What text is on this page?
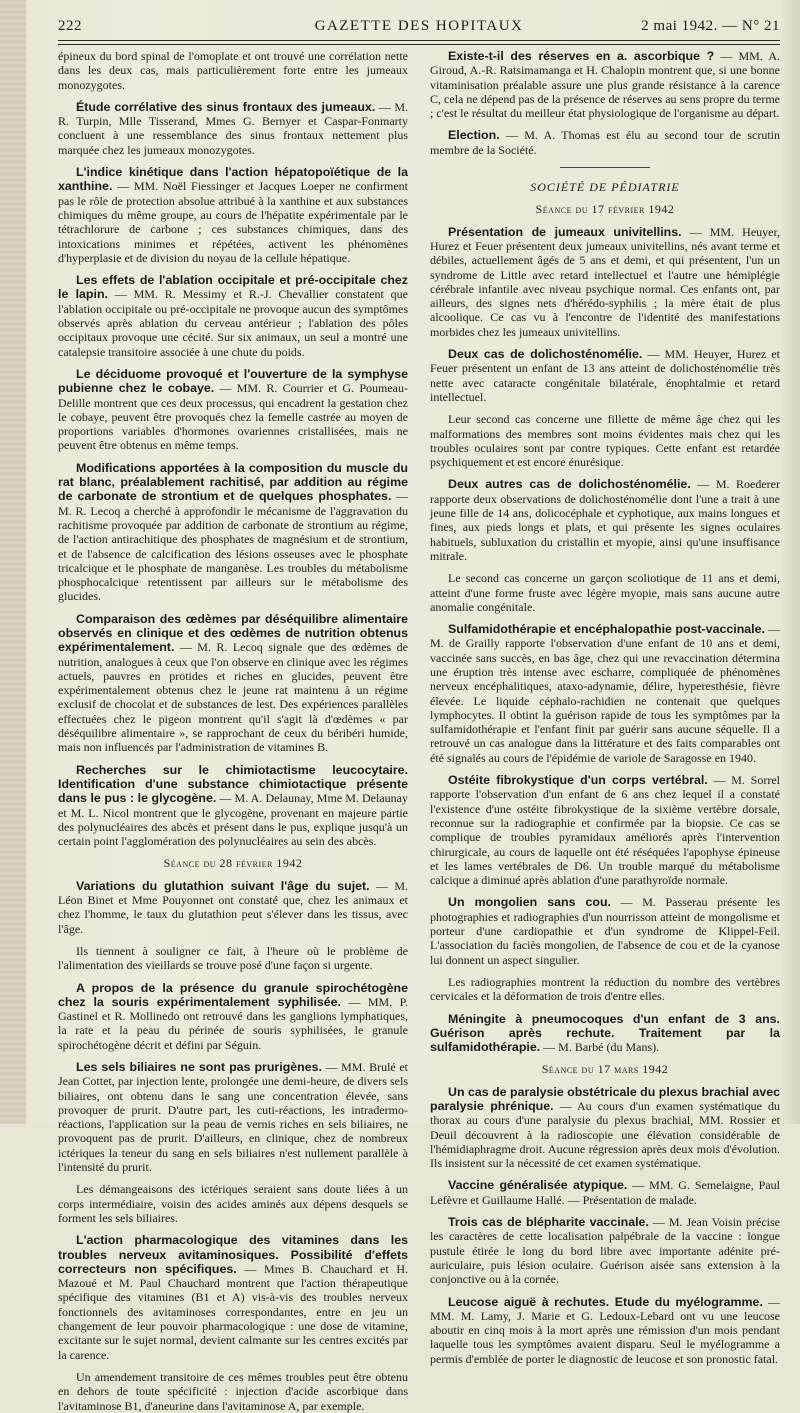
222	GAZETTE DES HOPITAUX	2 mai 1942. — N° 21

épineux du bord spinal de l'omoplate et ont trouvé une corrélation nette dans les deux cas, mais particulièrement forte entre les jumeaux monozygotes.

Étude corrélative des sinus frontaux des jumeaux. — M. R. Turpin, Mlle Tisserand, Mmes G. Bernyer et Caspar-Fonmarty concluent à une ressemblance des sinus frontaux nettement plus marquée chez les jumeaux monozygotes.

L'indice kinétique dans l'action hépatopoïétique de la xanthine. — MM. Noël Fiessinger et Jacques Loeper ne confirment pas le rôle de protection absolue attribué à la xanthine et aux substances chimiques du même groupe, au cours de l'hépatite expérimentale par le tétrachlorure de carbone ; ces substances chimiques, dans des intoxications minimes et répétées, activent les phénomènes d'hyperplasie et de division du noyau de la cellule hépatique.

Les effets de l'ablation occipitale et pré-occipitale chez le lapin. — MM. R. Messimy et R.-J. Chevallier constatent que l'ablation occipitale ou pré-occipitale ne provoque aucun des symptômes observés après ablation du cerveau antérieur ; l'ablation des pôles occipitaux provoque une cécité. Sur six animaux, un seul a montré une catalepsie transitoire associée à une chute du poids.

Le déciduome provoqué et l'ouverture de la symphyse pubienne chez le cobaye. — MM. R. Courrier et G. Poumeau-Delille montrent que ces deux processus, qui encadrent la gestation chez le cobaye, peuvent être provoqués chez la femelle castrée au moyen de proportions variables d'hormones ovariennes cristallisées, mais ne peuvent être obtenus en même temps.

Modifications apportées à la composition du muscle du rat blanc, préalablement rachitisé, par addition au régime de carbonate de strontium et de quelques phosphates. — M. R. Lecoq a cherché à approfondir le mécanisme de l'aggravation du rachitisme provoquée par addition de carbonate de strontium au régime, de l'action antirachitique des phosphates de magnésium et de strontium, et de l'absence de calcification des lésions osseuses avec le phosphate tricalcique et le phosphate de manganèse. Les troubles du métabolisme phosphocalcique retentissent par ailleurs sur le métabolisme des glucides.

Comparaison des œdèmes par déséquilibre alimentaire observés en clinique et des œdèmes de nutrition obtenus expérimentalement. — M. R. Lecoq signale que des œdèmes de nutrition, analogues à ceux que l'on observe en clinique avec les régimes actuels, pauvres en protides et riches en glucides, peuvent être expérimentalement obtenus chez le jeune rat maintenu à un régime exclusif de chocolat et de substances de lest. Des expériences parallèles effectuées chez le pigeon montrent qu'il s'agit là d'œdèmes « par déséquilibre alimentaire », se rapprochant de ceux du béribéri humide, mais non influencés par l'administration de vitamines B.

Recherches sur le chimiotactisme leucocytaire. Identification d'une substance chimiotactique présente dans le pus : le glycogène. — M. A. Delaunay, Mme M. Delaunay et M. L. Nicol montrent que le glycogène, provenant en majeure partie des polynucléaires des abcès et présent dans le pus, explique jusqu'à un certain point l'agglomération des polynucléaires au sein des abcès.

Séance du 28 février 1942

Variations du glutathion suivant l'âge du sujet. — M. Léon Binet et Mme Pouyonnet ont constaté que, chez les animaux et chez l'homme, le taux du glutathion peut s'élever dans les tissus, avec l'âge.

Ils tiennent à souligner ce fait, à l'heure où le problème de l'alimentation des vieillards se trouve posé d'une façon si urgente.

A propos de la présence du granule spirochétogène chez la souris expérimentalement syphilisée. — MM. P. Gastinel et R. Mollinedo ont retrouvé dans les ganglions lymphatiques, la rate et la peau du périnée de souris syphilisées, le granule spirochétogène décrit et défini par Séguin.

Les sels biliaires ne sont pas prurigènes. — MM. Brulé et Jean Cottet, par injection lente, prolongée une demi-heure, de divers sels biliaires, ont obtenu dans le sang une concentration élevée, sans provoquer de prurit. D'autre part, les cuti-réactions, les intradermo-réactions, l'application sur la peau de vernis riches en sels biliaires, ne provoquent pas de prurit. D'ailleurs, en clinique, chez de nombreux ictériques la teneur du sang en sels biliaires n'est nullement parallèle à l'intensité du prurit.

Les démangeaisons des ictériques seraient sans doute liées à un corps intermédiaire, voisin des acides aminés aux dépens desquels se forment les sels biliaires.

L'action pharmacologique des vitamines dans les troubles nerveux avitaminosiques. Possibilité d'effets correcteurs non spécifiques. — Mmes B. Chauchard et H. Mazoué et M. Paul Chauchard montrent que l'action thérapeutique spécifique des vitamines (B1 et A) vis-à-vis des troubles nerveux fonctionnels des avitaminoses correspondantes, entre en jeu un changement de leur pouvoir pharmacologique : une dose de vitamine, excitante sur le sujet normal, devient calmante sur les centres excités par la carence.

Un amendement transitoire de ces mêmes troubles peut être obtenu en dehors de toute spécificité : injection d'acide ascorbique dans l'avitaminose B1, d'aneurine dans l'avitaminose A, par exemple.

Existe-t-il des réserves en a. ascorbique ? — MM. A. Giroud, A.-R. Ratsimamanga et H. Chalopin montrent que, si une bonne vitaminisation préalable assure une plus grande résistance à la carence C, cela ne dépend pas de la présence de réserves au sens propre du terme ; c'est le résultat du meilleur état physiologique de l'organisme au départ.

Election. — M. A. Thomas est élu au second tour de scrutin membre de la Société.

SOCIÉTÉ DE PÉDIATRIE

Séance du 17 février 1942

Présentation de jumeaux univitellins. — MM. Heuyer, Hurez et Feuer présentent deux jumeaux univitellins, nés avant terme et débiles, actuellement âgés de 5 ans et demi, et qui présentent, l'un un syndrome de Little avec retard intellectuel et l'autre une hémiplégie cérébrale infantile avec niveau psychique normal. Ces enfants ont, par ailleurs, des signes nets d'hérédo-syphilis ; la mère était de plus alcoolique. Ce cas vu à l'encontre de l'identité des manifestations morbides chez les jumeaux univitellins.

Deux cas de dolichosténomélie. — MM. Heuyer, Hurez et Feuer présentent un enfant de 13 ans atteint de dolichosténomélie très nette avec cataracte congénitale bilatérale, énophtalmie et retard intellectuel.

Leur second cas concerne une fillette de même âge chez qui les malformations des membres sont moins évidentes mais chez qui les troubles oculaires sont par contre typiques. Cette enfant est retardée psychiquement et est encore énurésique.

Deux autres cas de dolichosténomélie. — M. Roederer rapporte deux observations de dolichosténomélie dont l'une a trait à une jeune fille de 14 ans, dolicocéphale et cyphotique, aux mains longues et fines, aux pieds longs et plats, et qui présente les signes oculaires habituels, subluxation du cristallin et myopie, ainsi qu'une insuffisance mitrale.

Le second cas concerne un garçon scoliotique de 11 ans et demi, atteint d'une forme fruste avec légère myopie, mais sans aucune autre anomalie congénitale.

Sulfamidothérapie et encéphalopathie post-vaccinale. — M. de Grailly rapporte l'observation d'une enfant de 10 ans et demi, vaccinée sans succès, en bas âge, chez qui une revaccination détermina une éruption très intense avec escharre, compliquée de phénomènes nerveux encéphalitiques, ataxo-adynamie, délire, hyperesthésie, fièvre élevée. Le liquide céphalo-rachidien ne contenait que quelques lymphocytes. Il obtint la guérison rapide de tous les symptômes par la sulfamidothérapie et l'enfant finit par guérir sans aucune séquelle. Il a retrouvé un cas analogue dans la littérature et des faits comparables ont été signalés au cours de l'épidémie de variole de Saragosse en 1940.

Ostéite fibrokystique d'un corps vertébral. — M. Sorrel rapporte l'observation d'un enfant de 6 ans chez lequel il a constaté l'existence d'une ostéite fibrokystique de la sixième vertèbre dorsale, reconnue sur la radiographie et confirmée par la biopsie. Ce cas se complique de troubles pyramidaux améliorés après l'intervention chirurgicale, au cours de laquelle ont été réséquées l'apophyse épineuse et les lames vertébrales de D6. Un trouble marqué du métabolisme calcique a diminué après ablation d'une parathyroïde normale.

Un mongolien sans cou. — M. Passerau présente les photographies et radiographies d'un nourrisson atteint de mongolisme et porteur d'une cardiopathie et d'un syndrome de Klippel-Feil. L'association du faciès mongolien, de l'absence de cou et de la cyanose lui donnent un aspect singulier.

Les radiographies montrent la réduction du nombre des vertèbres cervicales et la déformation de trois d'entre elles.

Méningite à pneumocoques d'un enfant de 3 ans. Guérison après rechute. Traitement par la sulfamidothérapie. — M. Barbé (du Mans).

Séance du 17 mars 1942

Un cas de paralysie obstétricale du plexus brachial avec paralysie phrénique. — Au cours d'un examen systématique du thorax au cours d'une paralysie du plexus brachial, MM. Rossier et Deuil découvrent à la radioscopie une élévation considérable de l'hémidiaphragme droit. Aucune régression après deux mois d'évolution. Ils insistent sur la nécessité de cet examen systématique.

Vaccine généralisée atypique. — MM. G. Semelaigne, Paul Lefèvre et Guillaume Hallé. — Présentation de malade.

Trois cas de blépharite vaccinale. — M. Jean Voisin précise les caractères de cette localisation palpébrale de la vaccine : longue pustule étirée le long du bord libre avec importante adénite pré-auriculaire, puis lésion oculaire. Guérison aisée sans extension à la conjonctive ou à la cornée.

Leucose aiguë à rechutes. Etude du myélogramme. — MM. M. Lamy, J. Marie et G. Ledoux-Lebard ont vu une leucose aboutir en cinq mois à la mort après une rémission d'un mois pendant laquelle tous les symptômes avaient disparu. Seul le myélogramme a permis d'emblée de porter le diagnostic de leucose et son pronostic fatal.
